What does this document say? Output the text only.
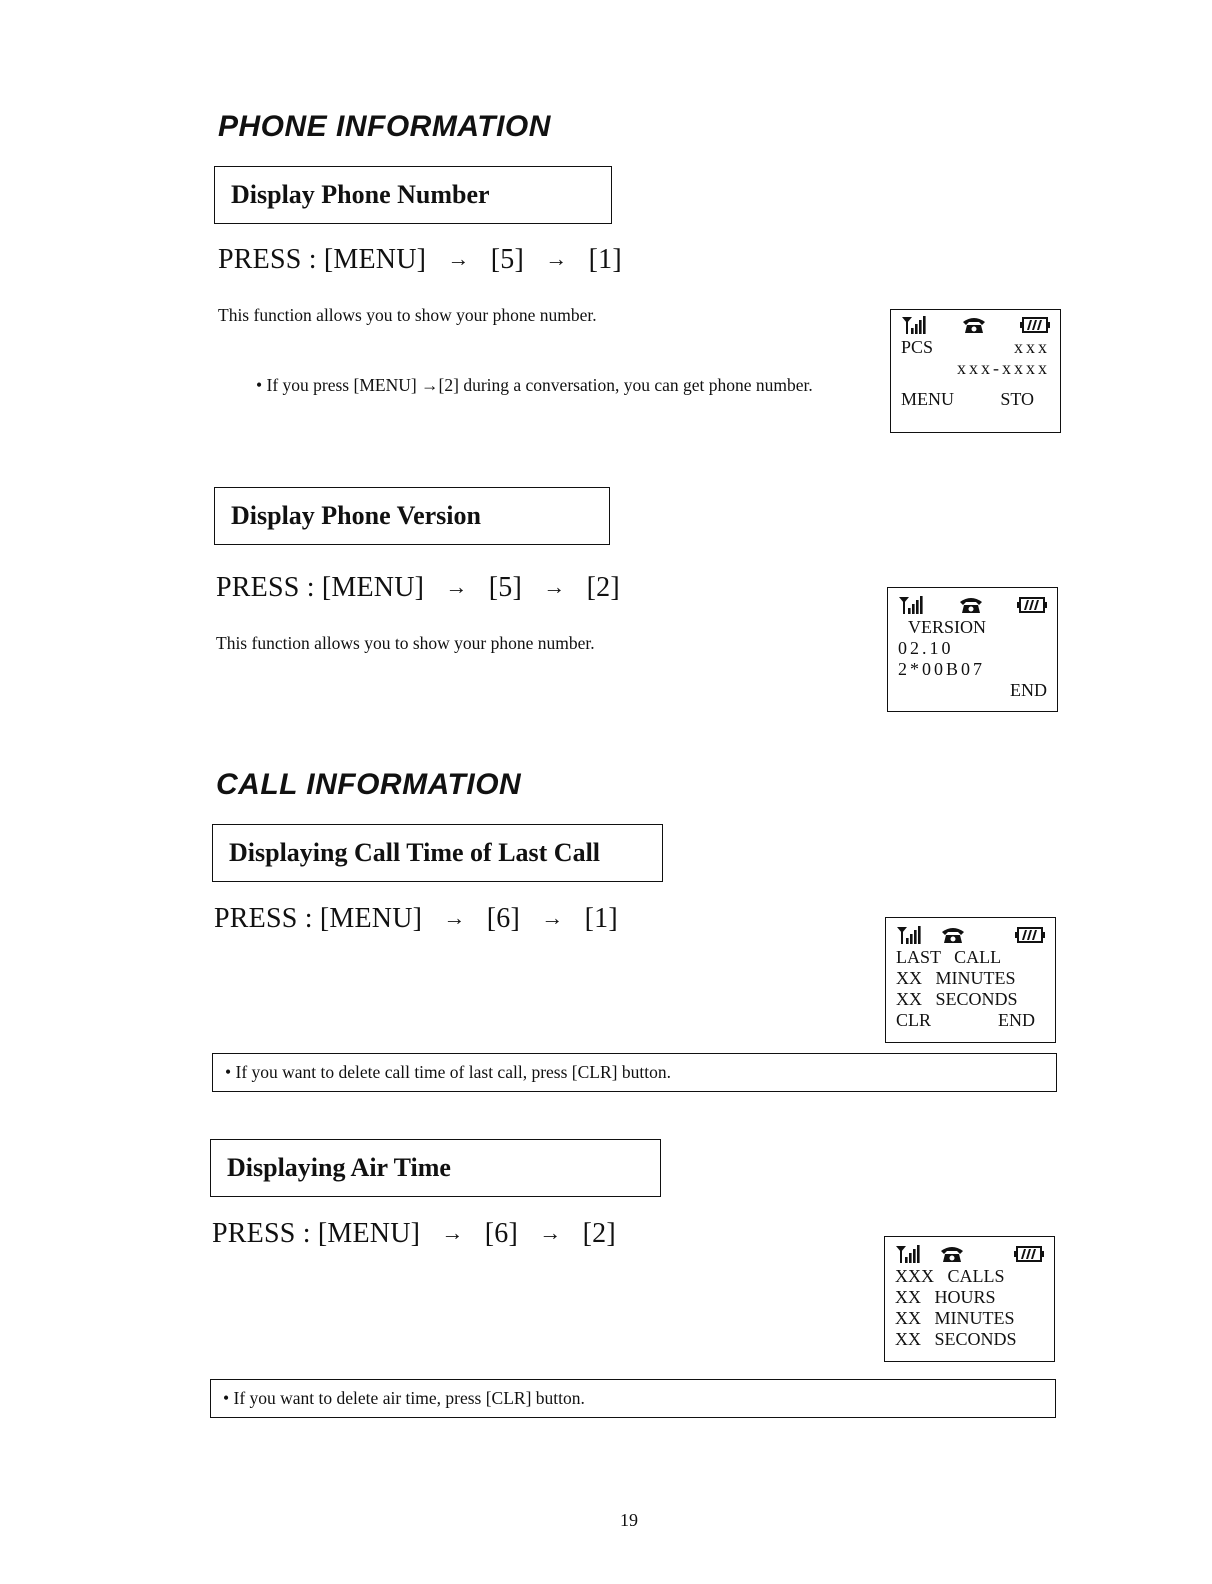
PHONE INFORMATION
Display Phone Number
PRESS : [MENU] → [5] → [1]

This function allows you to show your phone number.

• If you press [MENU] →[2] during a conversation, you can get phone number.
PCS	xxx
xxx-xxxx
MENU	STO
Display Phone Version
PRESS : [MENU] → [5] → [2]

This function allows you to show your phone number.

VERSION
02.10
2*00B07
END
CALL INFORMATION
Displaying Call Time of Last Call
PRESS : [MENU] → [6] → [1]
LAST   CALL
XX   MINUTES
XX   SECONDS
CLR	END
• If you want to delete call time of last call, press [CLR] button.
Displaying Air Time
PRESS : [MENU] → [6] → [2]
XXX   CALLS
XX   HOURS
XX   MINUTES
XX   SECONDS
• If you want to delete air time, press [CLR] button.
19
